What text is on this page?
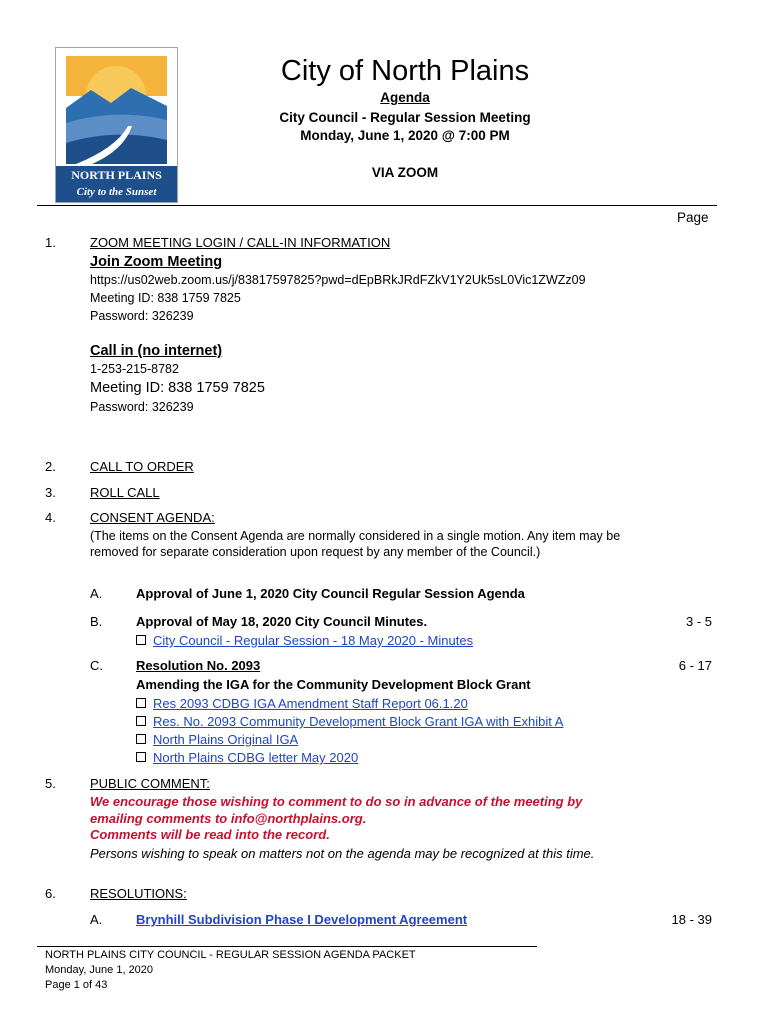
NORTH PLAINS
City to the Sunset
City of North Plains
Agenda
City Council - Regular Session Meeting
Monday, June 1, 2020 @ 7:00 PM
VIA ZOOM
Page
1.	ZOOM MEETING LOGIN / CALL-IN INFORMATION
Join Zoom Meeting
https://us02web.zoom.us/j/83817597825?pwd=dEpBRkJRdFZkV1Y2Uk5sL0Vic1ZWZz09
Meeting ID: 838 1759 7825
Password: 326239
Call in (no internet)
1-253-215-8782
Meeting ID: 838 1759 7825
Password: 326239
2.	CALL TO ORDER
3.	ROLL CALL
4.	CONSENT AGENDA:
(The items on the Consent Agenda are normally considered in a single motion. Any item may be removed for separate consideration upon request by any member of the Council.)
A.	Approval of June 1, 2020 City Council Regular Session Agenda
B.	Approval of May 18, 2020 City Council Minutes.	3 - 5
City Council - Regular Session - 18 May 2020 - Minutes
C.	Resolution No. 2093	6 - 17
Amending the IGA for the Community Development Block Grant
Res 2093 CDBG IGA Amendment Staff Report 06.1.20
Res. No. 2093 Community Development Block Grant IGA with Exhibit A
North Plains Original IGA
North Plains CDBG letter May 2020
5.	PUBLIC COMMENT:
We encourage those wishing to comment to do so in advance of the meeting by emailing comments to info@northplains.org.
Comments will be read into the record.
Persons wishing to speak on matters not on the agenda may be recognized at this time.
6.	RESOLUTIONS:
A.	Brynhill Subdivision Phase I Development Agreement	18 - 39
NORTH PLAINS CITY COUNCIL - REGULAR SESSION AGENDA PACKET
Monday, June 1, 2020
Page 1 of 43
